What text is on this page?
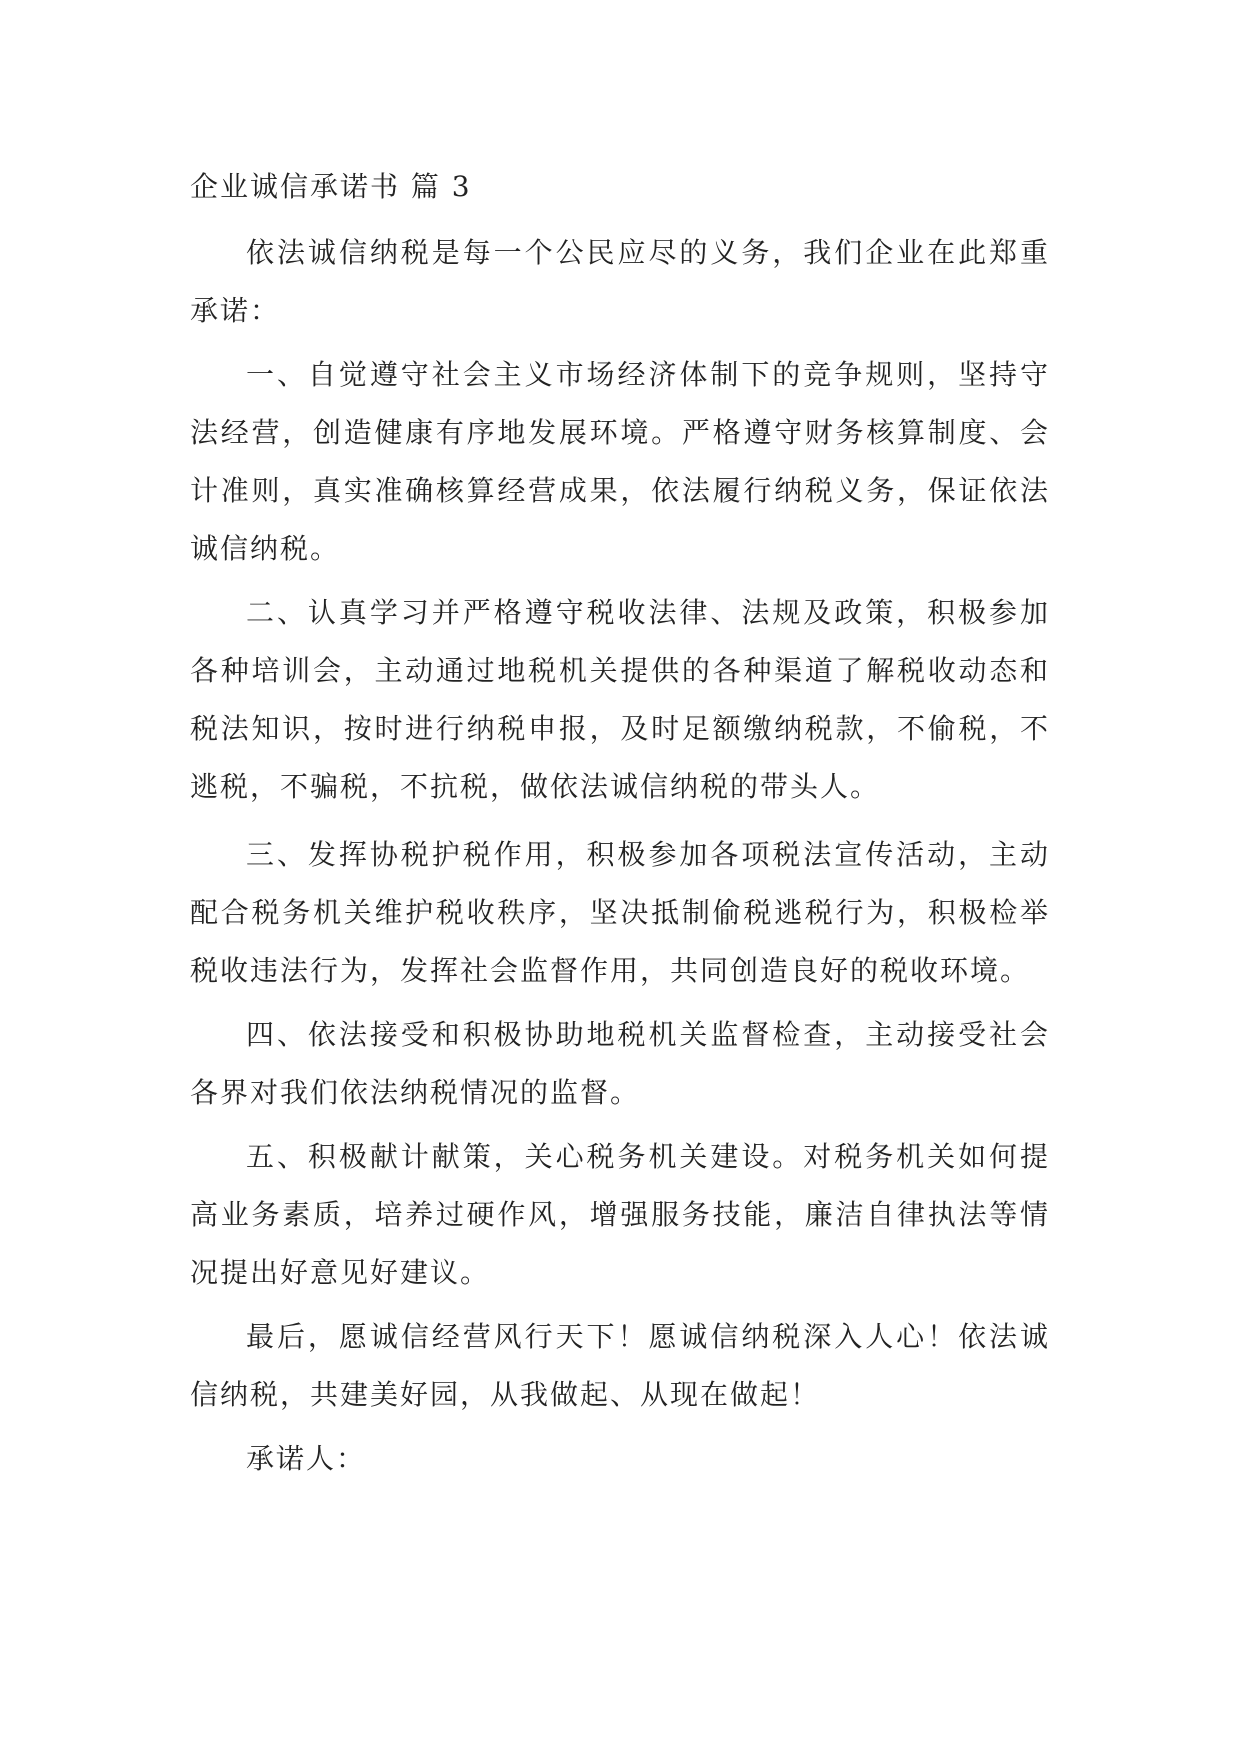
企业诚信承诺书 篇 3

依法诚信纳税是每一个公民应尽的义务，我们企业在此郑重承诺：

一、自觉遵守社会主义市场经济体制下的竞争规则，坚持守法经营，创造健康有序地发展环境。严格遵守财务核算制度、会计准则，真实准确核算经营成果，依法履行纳税义务，保证依法诚信纳税。

二、认真学习并严格遵守税收法律、法规及政策，积极参加各种培训会，主动通过地税机关提供的各种渠道了解税收动态和税法知识，按时进行纳税申报，及时足额缴纳税款，不偷税，不逃税，不骗税，不抗税，做依法诚信纳税的带头人。

三、发挥协税护税作用，积极参加各项税法宣传活动，主动配合税务机关维护税收秩序，坚决抵制偷税逃税行为，积极检举税收违法行为，发挥社会监督作用，共同创造良好的税收环境。

四、依法接受和积极协助地税机关监督检查，主动接受社会各界对我们依法纳税情况的监督。

五、积极献计献策，关心税务机关建设。对税务机关如何提高业务素质，培养过硬作风，增强服务技能，廉洁自律执法等情况提出好意见好建议。

最后，愿诚信经营风行天下！愿诚信纳税深入人心！依法诚信纳税，共建美好园，从我做起、从现在做起！

承诺人：
